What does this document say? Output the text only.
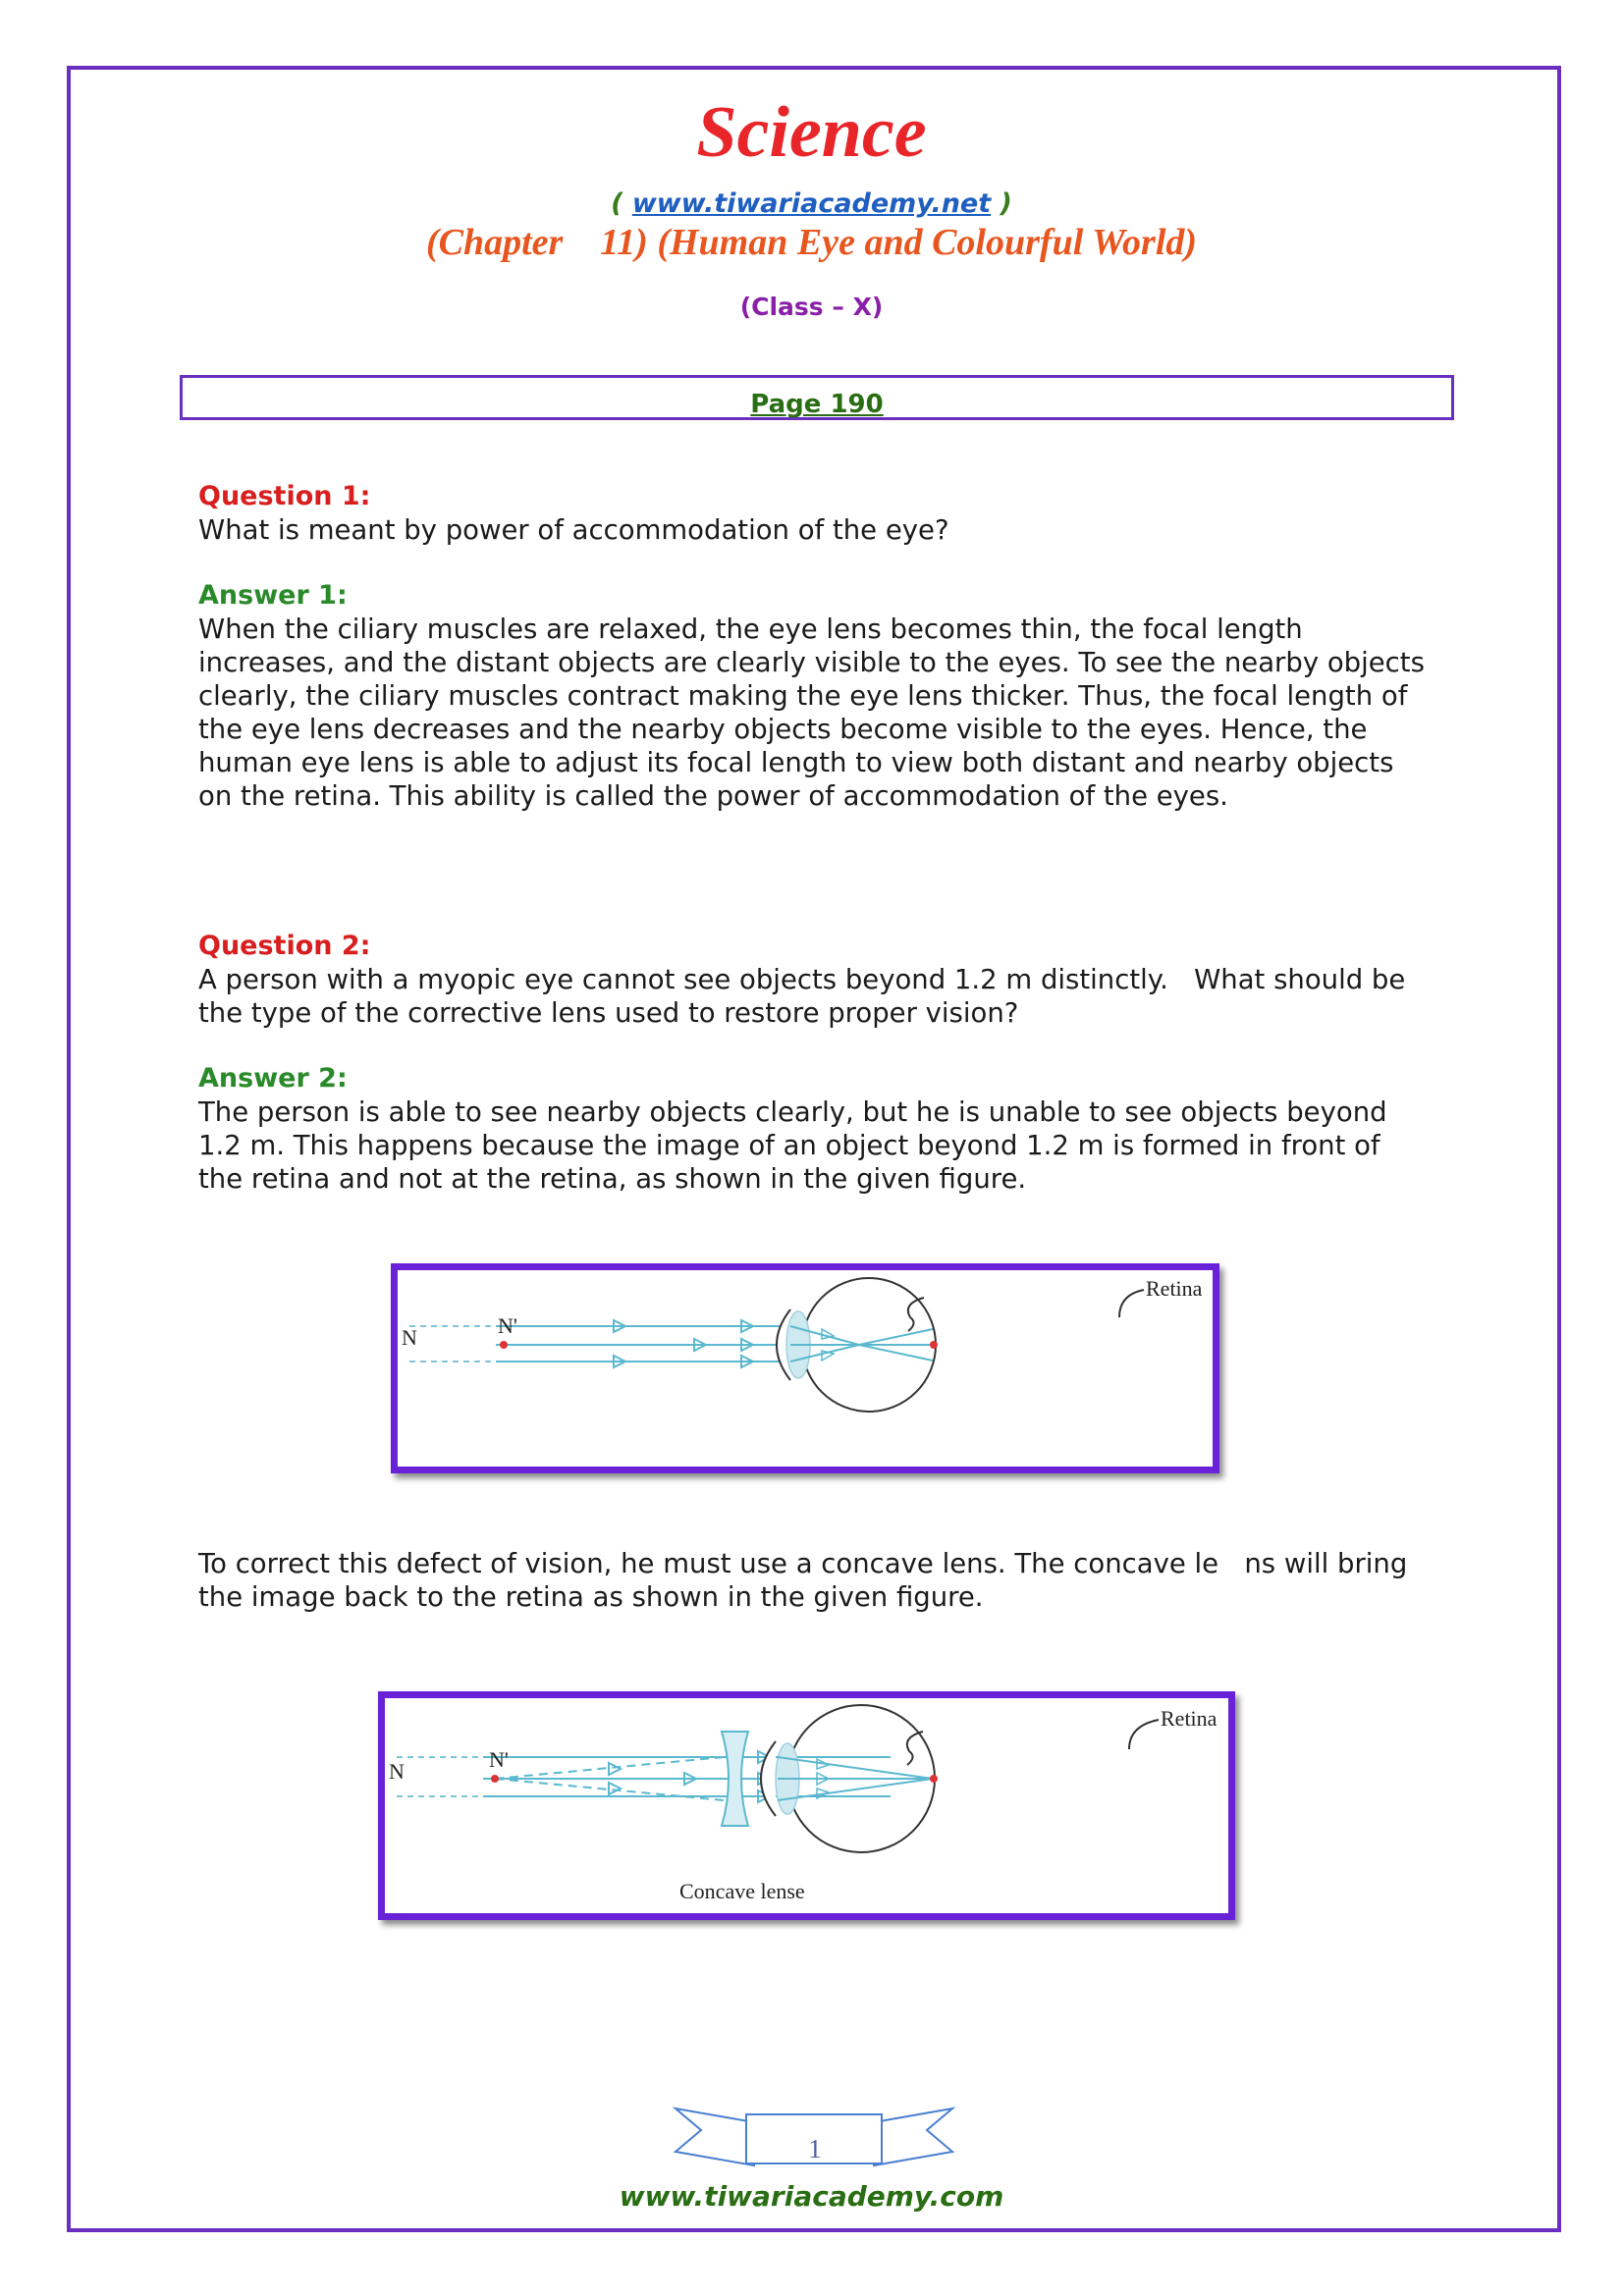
Science
( www.tiwariacademy.net )
(Chapter    11) (Human Eye and Colourful World)
(Class – X)
Page 190
Question 1:
What is meant by power of accommodation of the eye?
Answer 1:
When the ciliary muscles are relaxed, the eye lens becomes thin, the focal length
increases, and the distant objects are clearly visible to the eyes. To see the nearby objects
clearly, the ciliary muscles contract making the eye lens thicker. Thus, the focal length of
the eye lens decreases and the nearby objects become visible to the eyes. Hence, the
human eye lens is able to adjust its focal length to view both distant and nearby objects
on the retina. This ability is called the power of accommodation of the eyes.
Question 2:
A person with a myopic eye cannot see objects beyond 1.2 m distinctly.   What should be
the type of the corrective lens used to restore proper vision?
Answer 2:
The person is able to see nearby objects clearly, but he is unable to see objects beyond
1.2 m. This happens because the image of an object beyond 1.2 m is formed in front of
the retina and not at the retina, as shown in the given figure.
N	N'
Retina
To correct this defect of vision, he must use a concave lens. The concave le   ns will bring
the image back to the retina as shown in the given figure.
N	N'
Retina
Concave lense
1
www.tiwariacademy.com
